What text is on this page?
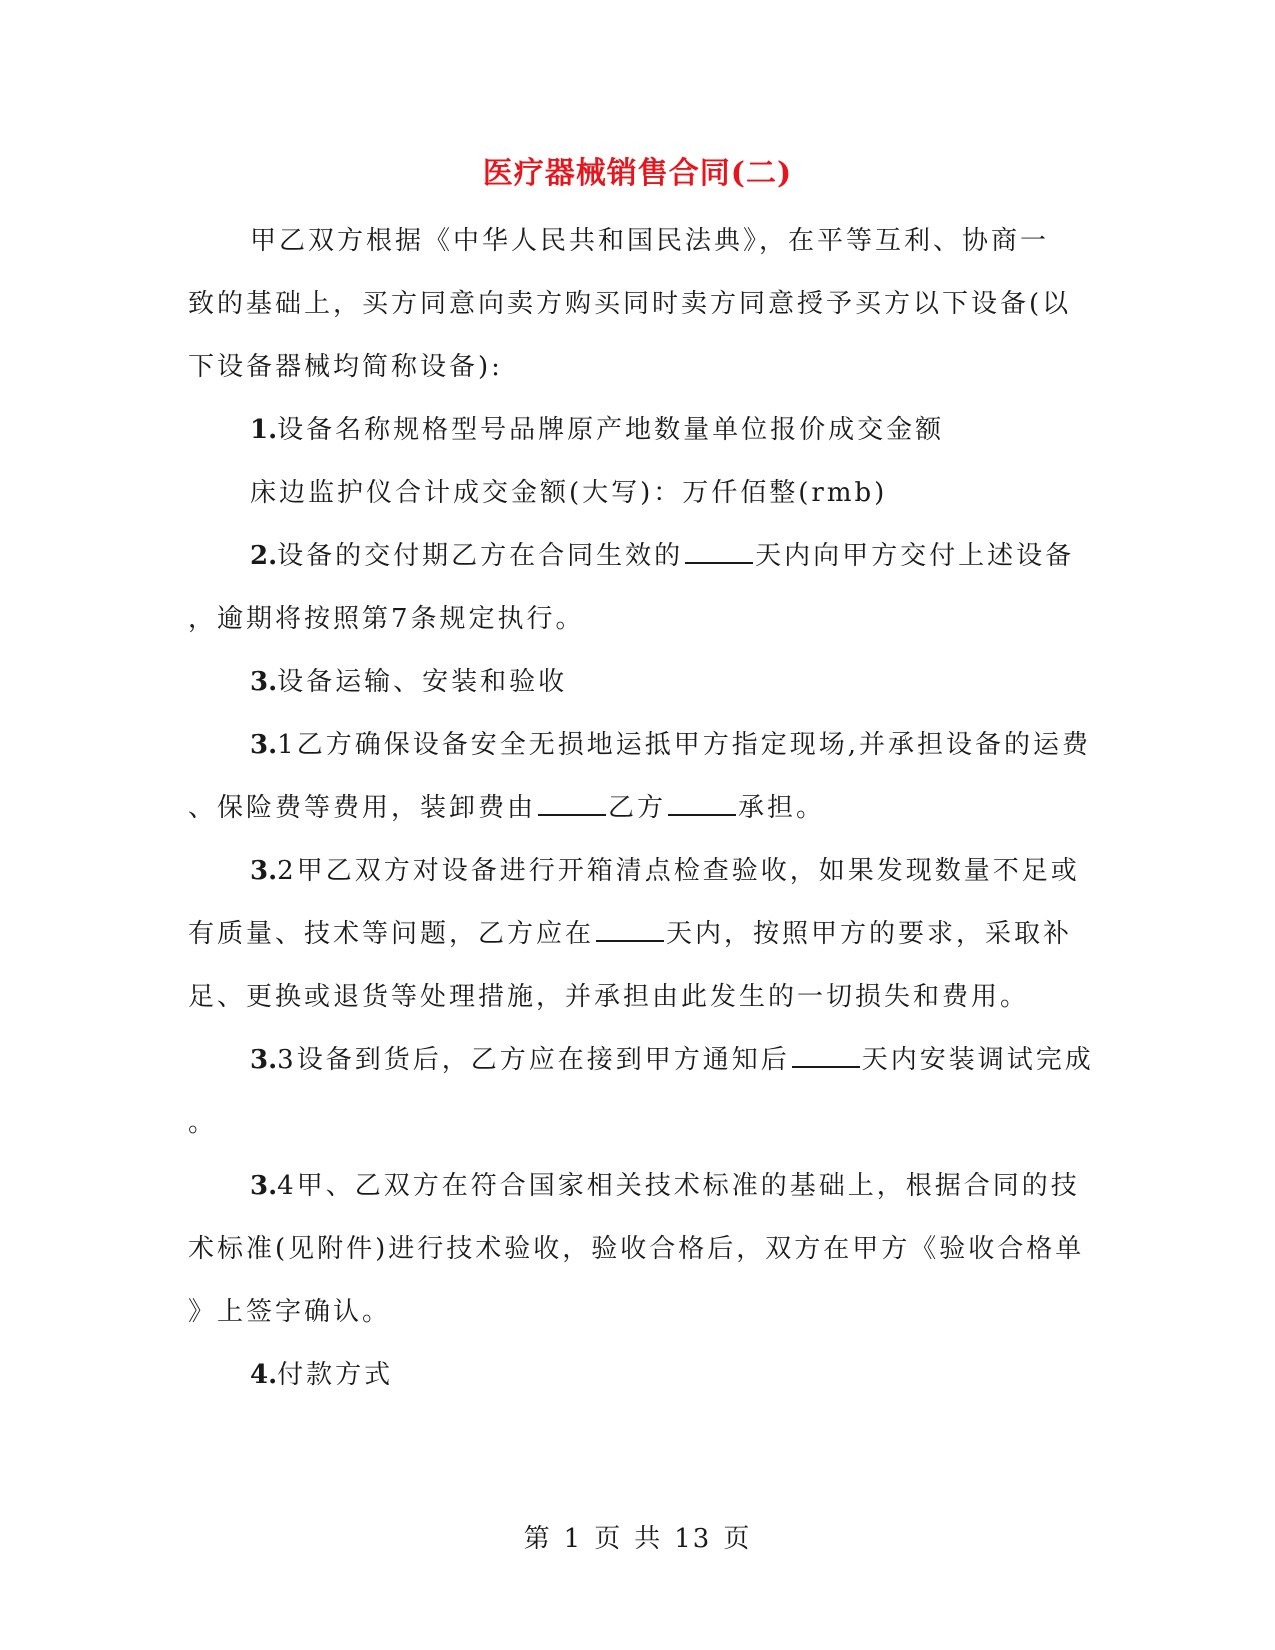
医疗器械销售合同(二)

甲乙双方根据《中华人民共和国民法典》，在平等互利、协商一

致的基础上，买方同意向卖方购买同时卖方同意授予买方以下设备(以

下设备器械均简称设备):

1.设备名称规格型号品牌原产地数量单位报价成交金额

床边监护仪合计成交金额(大写)：万仟佰整(rmb)

2.设备的交付期乙方在合同生效的	天内向甲方交付上述设备

，逾期将按照第7条规定执行。

3.设备运输、安装和验收

3.1乙方确保设备安全无损地运抵甲方指定现场,并承担设备的运费

、保险费等费用，装卸费由	乙方	承担。

3.2甲乙双方对设备进行开箱清点检查验收，如果发现数量不足或

有质量、技术等问题，乙方应在	天内，按照甲方的要求，采取补

足、更换或退货等处理措施，并承担由此发生的一切损失和费用。

3.3设备到货后，乙方应在接到甲方通知后	天内安装调试完成

。

3.4甲、乙双方在符合国家相关技术标准的基础上，根据合同的技

术标准(见附件)进行技术验收，验收合格后，双方在甲方《验收合格单

》上签字确认。

4.付款方式

第 1 页 共 13 页
